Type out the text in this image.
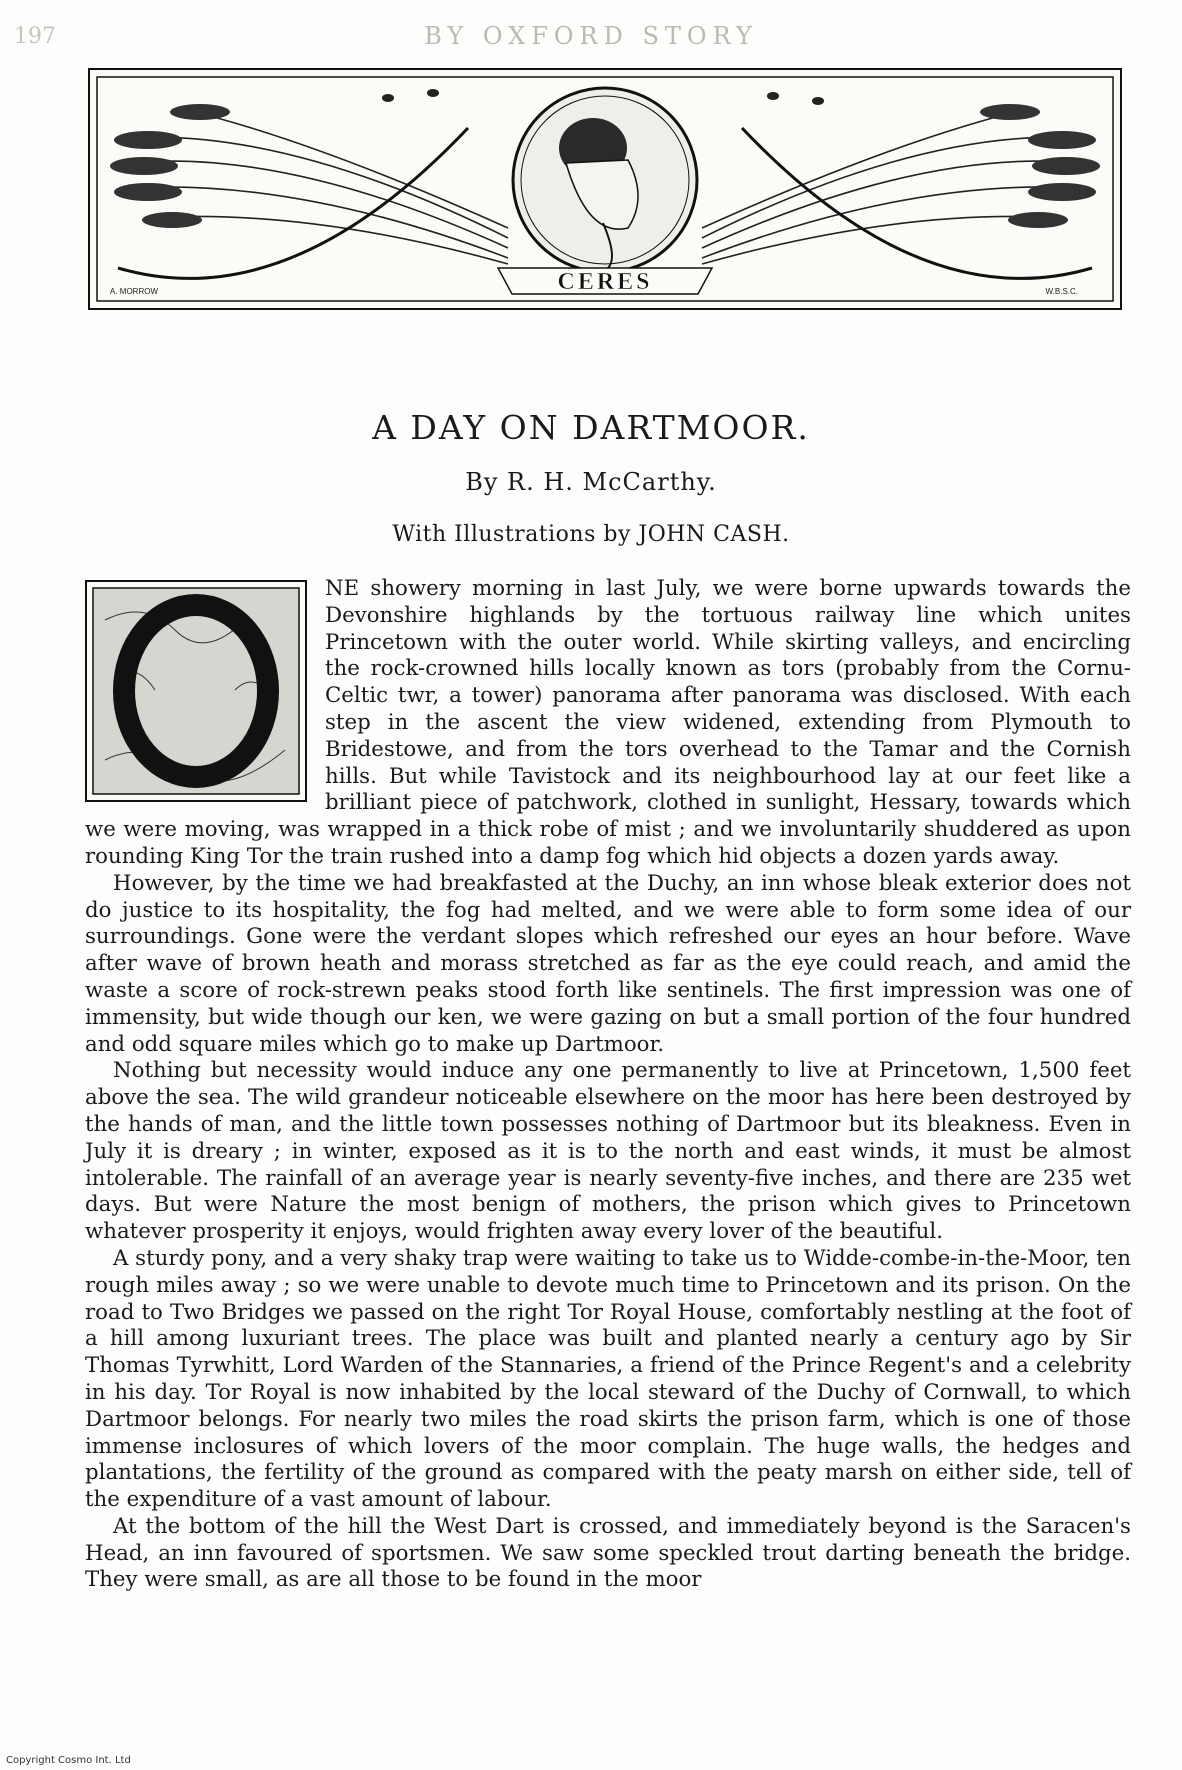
197	BY OXFORD STORY
CERES
A. MORROW	W.B.S.C.
A DAY ON DARTMOOR.
By R. H. McCarthy.
With Illustrations by JOHN CASH.

NE showery morning in last July, we were borne upwards towards the Devonshire highlands by the tortuous railway line which unites Princetown with the outer world. While skirting valleys, and encircling the rock-crowned hills locally known as tors (probably from the Cornu-Celtic twr, a tower) panorama after panorama was disclosed. With each step in the ascent the view widened, extending from Plymouth to Bridestowe, and from the tors overhead to the Tamar and the Cornish hills. But while Tavistock and its neighbourhood lay at our feet like a brilliant piece of patchwork, clothed in sunlight, Hessary, towards which we were moving, was wrapped in a thick robe of mist ; and we involuntarily shuddered as upon rounding King Tor the train rushed into a damp fog which hid objects a dozen yards away.

However, by the time we had breakfasted at the Duchy, an inn whose bleak exterior does not do justice to its hospitality, the fog had melted, and we were able to form some idea of our surroundings. Gone were the verdant slopes which refreshed our eyes an hour before. Wave after wave of brown heath and morass stretched as far as the eye could reach, and amid the waste a score of rock-strewn peaks stood forth like sentinels. The first impression was one of immensity, but wide though our ken, we were gazing on but a small portion of the four hundred and odd square miles which go to make up Dartmoor.

Nothing but necessity would induce any one permanently to live at Princetown, 1,500 feet above the sea. The wild grandeur noticeable elsewhere on the moor has here been destroyed by the hands of man, and the little town possesses nothing of Dartmoor but its bleakness. Even in July it is dreary ; in winter, exposed as it is to the north and east winds, it must be almost intolerable. The rainfall of an average year is nearly seventy-five inches, and there are 235 wet days. But were Nature the most benign of mothers, the prison which gives to Princetown whatever prosperity it enjoys, would frighten away every lover of the beautiful.

A sturdy pony, and a very shaky trap were waiting to take us to Widde-combe-in-the-Moor, ten rough miles away ; so we were unable to devote much time to Princetown and its prison. On the road to Two Bridges we passed on the right Tor Royal House, comfortably nestling at the foot of a hill among luxuriant trees. The place was built and planted nearly a century ago by Sir Thomas Tyrwhitt, Lord Warden of the Stannaries, a friend of the Prince Regent's and a celebrity in his day. Tor Royal is now inhabited by the local steward of the Duchy of Cornwall, to which Dartmoor belongs. For nearly two miles the road skirts the prison farm, which is one of those immense inclosures of which lovers of the moor complain. The huge walls, the hedges and plantations, the fertility of the ground as compared with the peaty marsh on either side, tell of the expenditure of a vast amount of labour.

At the bottom of the hill the West Dart is crossed, and immediately beyond is the Saracen's Head, an inn favoured of sportsmen. We saw some speckled trout darting beneath the bridge. They were small, as are all those to be found in the moor

Copyright Cosmo Int. Ltd
